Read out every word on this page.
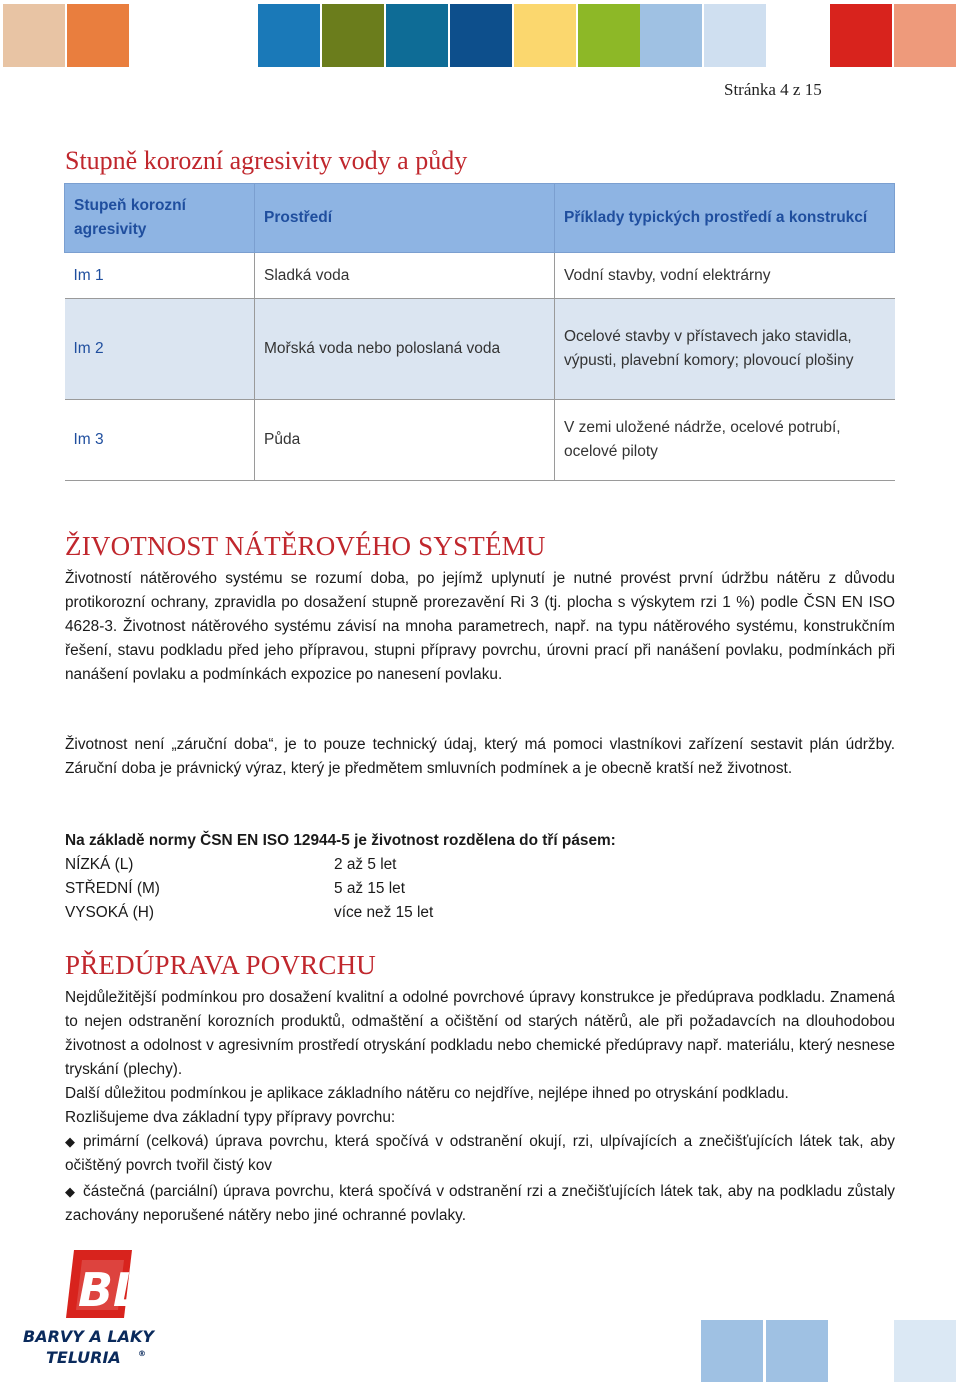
Stránka 4 z 15
Stupně korozní agresivity vody a půdy
Stupeň korozní agresivity	Prostředí	Příklady typických prostředí a konstrukcí
Im 1	Sladká voda	Vodní stavby, vodní elektrárny
Im 2	Mořská voda nebo poloslaná voda	Ocelové stavby v přístavech jako stavidla, výpusti, plavební komory; plovoucí plošiny
Im 3	Půda	V zemi uložené nádrže, ocelové potrubí, ocelové piloty
ŽIVOTNOST NÁTĚROVÉHO SYSTÉMU

Životností nátěrového systému se rozumí doba, po jejímž uplynutí je nutné provést první údržbu nátěru z důvodu protikorozní ochrany, zpravidla po dosažení stupně prorezavění Ri 3 (tj. plocha s výskytem rzi 1 %) podle ČSN EN ISO 4628-3. Životnost nátěrového systému závisí na mnoha parametrech, např. na typu nátěrového systému, konstrukčním řešení, stavu podkladu před jeho přípravou, stupni přípravy povrchu, úrovni prací při nanášení povlaku, podmínkách při nanášení povlaku a podmínkách expozice po nanesení povlaku.

Životnost není „záruční doba“, je to pouze technický údaj, který má pomoci vlastníkovi zařízení sestavit plán údržby. Záruční doba je právnický výraz, který je předmětem smluvních podmínek a je obecně kratší než životnost.

Na základě normy ČSN EN ISO 12944-5 je životnost rozdělena do tří pásem:

NÍZKÁ (L)	2 až 5 let
STŘEDNÍ (M)	5 až 15 let
VYSOKÁ (H)	více než 15 let
PŘEDÚPRAVA POVRCHU

Nejdůležitější podmínkou pro dosažení kvalitní a odolné povrchové úpravy konstrukce je předúprava podkladu. Znamená to nejen odstranění korozních produktů, odmaštění a očištění od starých nátěrů, ale při požadavcích na dlouhodobou životnost a odolnost v agresivním prostředí otryskání podkladu nebo chemické předúpravy např. materiálu, který nesnese tryskání (plechy).

Další důležitou podmínkou je aplikace základního nátěru co nejdříve, nejlépe ihned po otryskání podkladu.

Rozlišujeme dva základní typy přípravy povrchu:

◆ primární (celková) úprava povrchu, která spočívá v odstranění okují, rzi, ulpívajících a znečišťujících látek tak, aby očištěný povrch tvořil čistý kov

◆ částečná (parciální) úprava povrchu, která spočívá v odstranění rzi a znečišťujících látek tak, aby na podkladu zůstaly zachovány neporušené nátěry nebo jiné ochranné povlaky.

BL
BARVY A LAKY
TELURIA ®
